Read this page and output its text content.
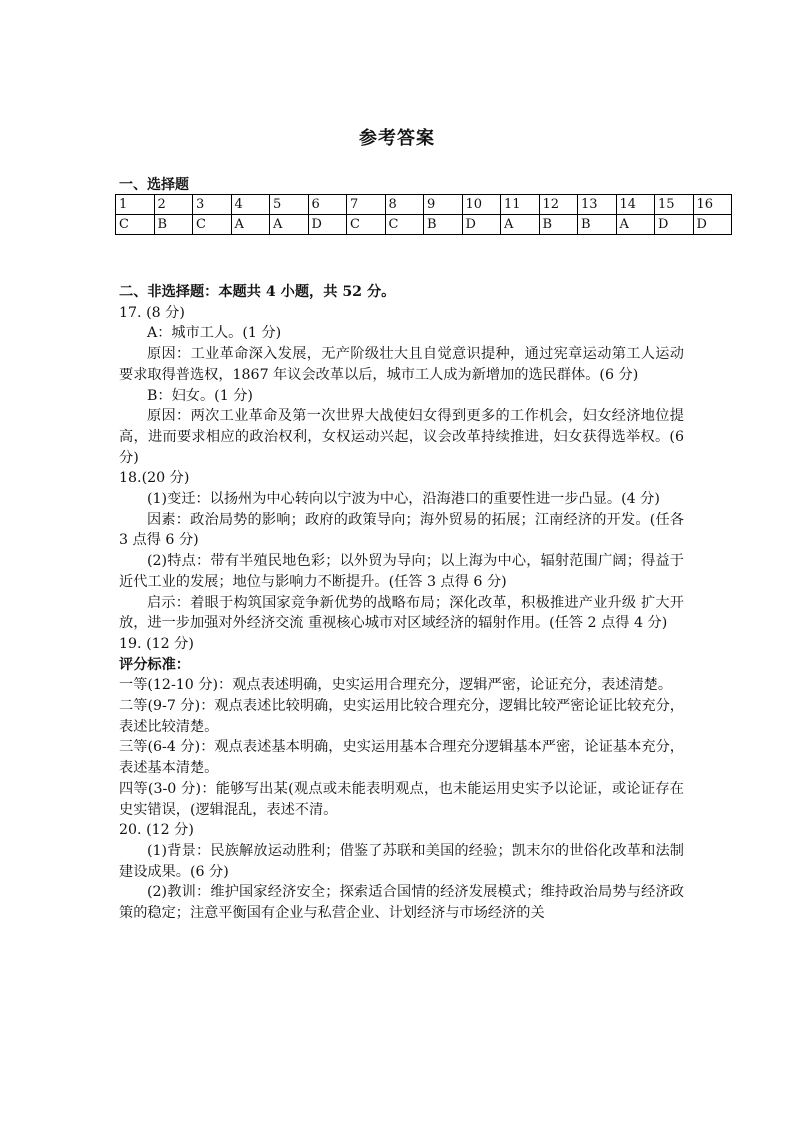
参考答案
一、选择题
1	2	3	4	5	6	7	8	9	10	11	12	13	14	15	16
C	B	C	A	A	D	C	C	B	D	A	B	B	A	D	D

二、非选择题：本题共 4 小题，共 52 分。

17. (8 分)

A：城市工人。(1 分)

原因：工业革命深入发展，无产阶级壮大且自觉意识提种，通过宪章运动第工人运动要求取得普选权，1867 年议会改革以后，城市工人成为新增加的选民群体。(6 分)

B：妇女。(1 分)

原因：两次工业革命及第一次世界大战使妇女得到更多的工作机会，妇女经济地位提高，进而要求相应的政治权利，女权运动兴起，议会改革持续推进，妇女获得选举权。(6 分)

18.(20 分)

(1)变迁：以扬州为中心转向以宁波为中心，沿海港口的重要性进一步凸显。(4 分)

因素：政治局势的影响；政府的政策导向；海外贸易的拓展；江南经济的开发。(任各 3 点得 6 分)

(2)特点：带有半殖民地色彩；以外贸为导向；以上海为中心，辐射范围广阔；得益于近代工业的发展；地位与影响力不断提升。(任答 3 点得 6 分)

启示：着眼于构筑国家竞争新优势的战略布局；深化改革，积极推进产业升级 扩大开放，进一步加强对外经济交流 重视核心城市对区域经济的辐射作用。(任答 2 点得 4 分)

19. (12 分)

评分标准：

一等(12-10 分)：观点表述明确，史实运用合理充分，逻辑严密，论证充分，表述清楚。

二等(9-7 分)：观点表述比较明确，史实运用比较合理充分，逻辑比较严密论证比较充分，表述比较清楚。

三等(6-4 分)：观点表述基本明确，史实运用基本合理充分逻辑基本严密，论证基本充分，表述基本清楚。

四等(3-0 分)：能够写出某(观点或未能表明观点，也未能运用史实予以论证，或论证存在史实错误，(逻辑混乱，表述不清。

20. (12 分)

(1)背景：民族解放运动胜利；借鉴了苏联和美国的经验；凯末尔的世俗化改革和法制建设成果。(6 分)

(2)教训：维护国家经济安全；探索适合国情的经济发展模式；维持政治局势与经济政策的稳定；注意平衡国有企业与私营企业、计划经济与市场经济的关
